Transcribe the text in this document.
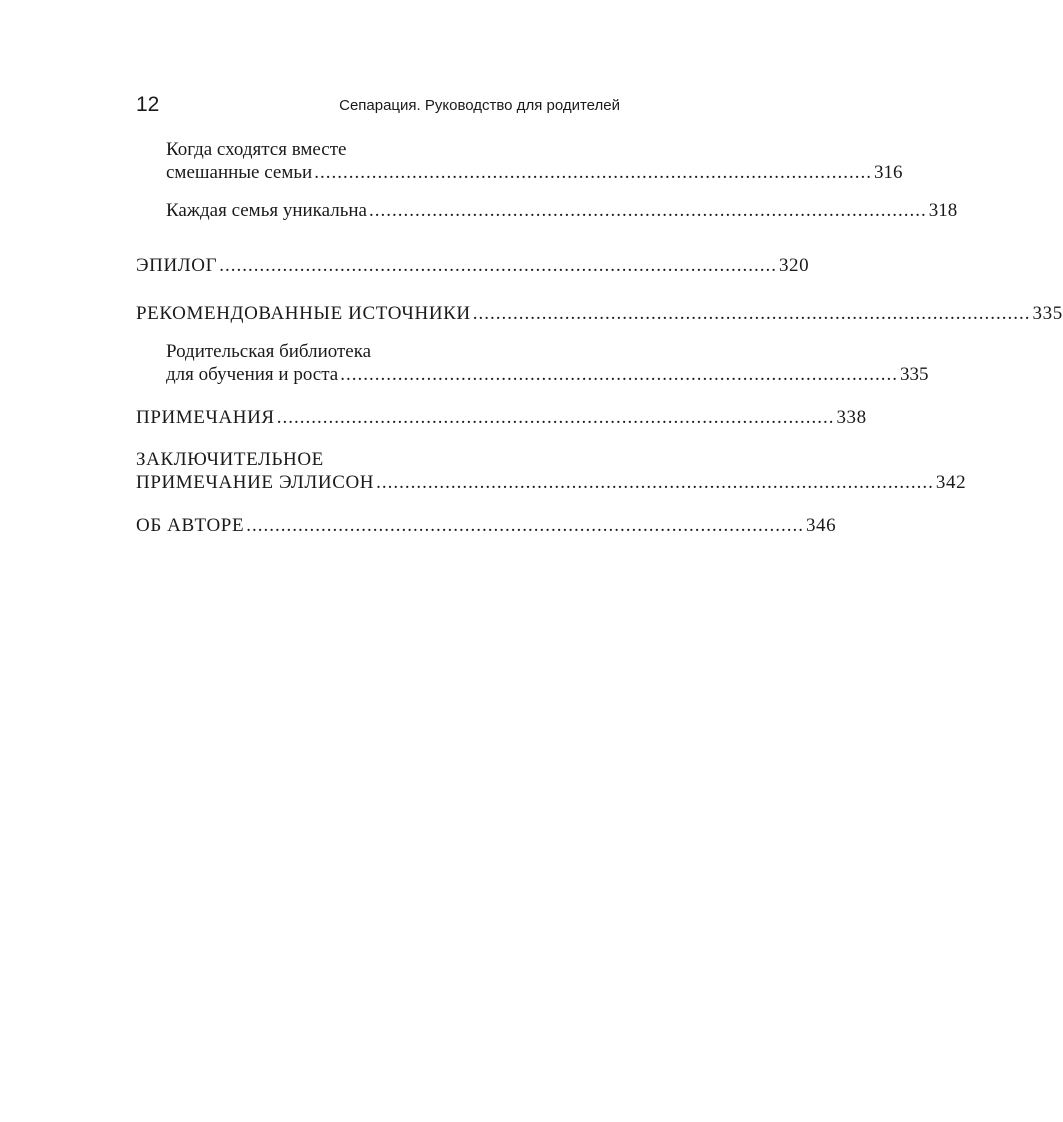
12	Сепарация. Руководство для родителей
Когда сходятся вместе
смешанные семьи ................................................................................................. 316
Каждая семья уникальна ................................................................................................. 318
ЭПИЛОГ ................................................................................................. 320
РЕКОМЕНДОВАННЫЕ ИСТОЧНИКИ ................................................................................................. 335
Родительская библиотека
для обучения и роста ................................................................................................. 335
ПРИМЕЧАНИЯ ................................................................................................. 338
ЗАКЛЮЧИТЕЛЬНОЕ
ПРИМЕЧАНИЕ ЭЛЛИСОН ................................................................................................. 342
ОБ АВТОРЕ ................................................................................................. 346
